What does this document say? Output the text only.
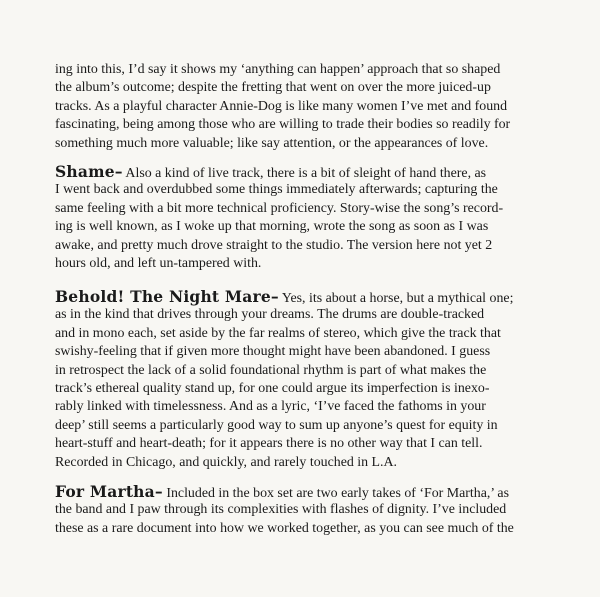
ing into this, I’d say it shows my ‘anything can happen’ approach that so shaped
the album’s outcome; despite the fretting that went on over the more juiced-up
tracks. As a playful character Annie-Dog is like many women I’ve met and found
fascinating, being among those who are willing to trade their bodies so readily for
something much more valuable; like say attention, or the appearances of love.
Shame– Also a kind of live track, there is a bit of sleight of hand there, as
I went back and overdubbed some things immediately afterwards; capturing the
same feeling with a bit more technical proficiency. Story-wise the song’s record-
ing is well known, as I woke up that morning, wrote the song as soon as I was
awake, and pretty much drove straight to the studio. The version here not yet 2
hours old, and left un-tampered with.
Behold! The Night Mare– Yes, its about a horse, but a mythical one;
as in the kind that drives through your dreams. The drums are double-tracked
and in mono each, set aside by the far realms of stereo, which give the track that
swishy-feeling that if given more thought might have been abandoned. I guess
in retrospect the lack of a solid foundational rhythm is part of what makes the
track’s ethereal quality stand up, for one could argue its imperfection is inexo-
rably linked with timelessness. And as a lyric, ‘I’ve faced the fathoms in your
deep’ still seems a particularly good way to sum up anyone’s quest for equity in
heart-stuff and heart-death; for it appears there is no other way that I can tell.
Recorded in Chicago, and quickly, and rarely touched in L.A.
For Martha– Included in the box set are two early takes of ‘For Martha,’ as
the band and I paw through its complexities with flashes of dignity. I’ve included
these as a rare document into how we worked together, as you can see much of the
